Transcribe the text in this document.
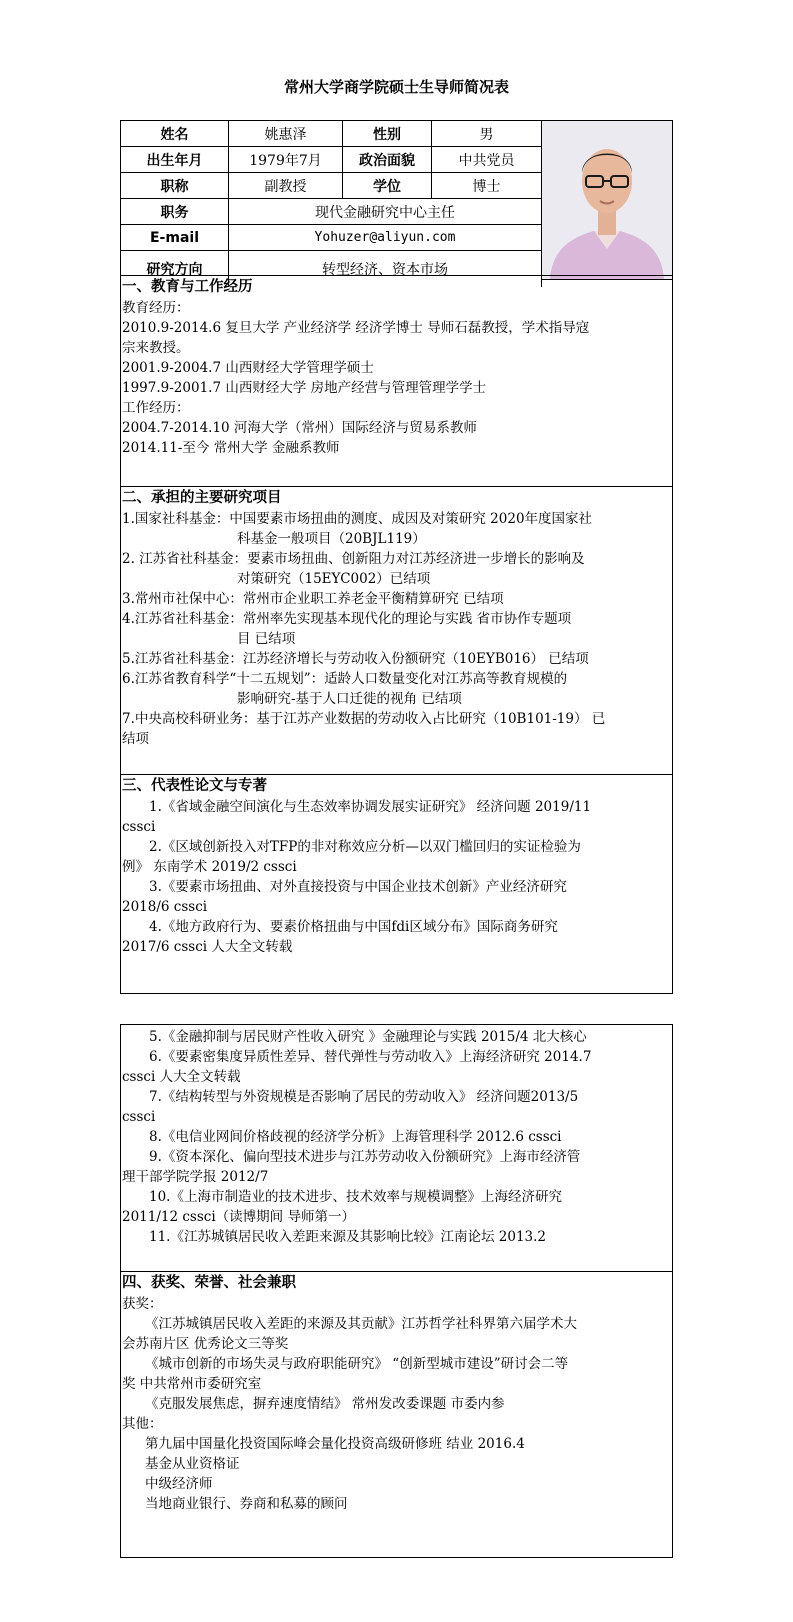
常州大学商学院硕士生导师简况表
姓名	姚惠泽	性别	男
出生年月	1979年7月	政治面貌	中共党员
职称	副教授	学位	博士
职务	现代金融研究中心主任
E-mail	Yohuzer@aliyun.com
研究方向	转型经济、资本市场
一、教育与工作经历
教育经历：
2010.9-2014.6 复旦大学 产业经济学 经济学博士 导师石磊教授，学术指导寇
宗来教授。
2001.9-2004.7 山西财经大学管理学硕士
1997.9-2001.7 山西财经大学 房地产经营与管理管理学学士
工作经历：
2004.7-2014.10 河海大学（常州）国际经济与贸易系教师
2014.11-至今 常州大学 金融系教师
二、承担的主要研究项目
1.国家社科基金：中国要素市场扭曲的测度、成因及对策研究 2020年度国家社
科基金一般项目（20BJL119）
2. 江苏省社科基金：要素市场扭曲、创新阻力对江苏经济进一步增长的影响及
对策研究（15EYC002）已结项
3.常州市社保中心：常州市企业职工养老金平衡精算研究 已结项
4.江苏省社科基金：常州率先实现基本现代化的理论与实践 省市协作专题项
目 已结项
5.江苏省社科基金：江苏经济增长与劳动收入份额研究（10EYB016） 已结项
6.江苏省教育科学“十二五规划”：适龄人口数量变化对江苏高等教育规模的
影响研究-基于人口迁徙的视角 已结项
7.中央高校科研业务：基于江苏产业数据的劳动收入占比研究（10B101-19） 已
结项
三、代表性论文与专著
1.《省域金融空间演化与生态效率协调发展实证研究》 经济问题 2019/11
cssci
2.《区域创新投入对TFP的非对称效应分析—以双门槛回归的实证检验为
例》 东南学术 2019/2 cssci
3.《要素市场扭曲、对外直接投资与中国企业技术创新》产业经济研究
2018/6 cssci
4.《地方政府行为、要素价格扭曲与中国fdi区域分布》国际商务研究
2017/6 cssci 人大全文转载
5.《金融抑制与居民财产性收入研究 》金融理论与实践 2015/4 北大核心
6.《要素密集度异质性差异、替代弹性与劳动收入》上海经济研究 2014.7
cssci 人大全文转载
7.《结构转型与外资规模是否影响了居民的劳动收入》 经济问题2013/5
cssci
8.《电信业网间价格歧视的经济学分析》上海管理科学 2012.6 cssci
9.《资本深化、偏向型技术进步与江苏劳动收入份额研究》上海市经济管
理干部学院学报 2012/7
10.《上海市制造业的技术进步、技术效率与规模调整》上海经济研究
2011/12 cssci（读博期间 导师第一）
11.《江苏城镇居民收入差距来源及其影响比较》江南论坛 2013.2
四、获奖、荣誉、社会兼职
获奖：
《江苏城镇居民收入差距的来源及其贡献》江苏哲学社科界第六届学术大
会苏南片区 优秀论文三等奖
《城市创新的市场失灵与政府职能研究》 “创新型城市建设”研讨会二等
奖 中共常州市委研究室
《克服发展焦虑，摒弃速度情结》 常州发改委课题 市委内参
其他：
第九届中国量化投资国际峰会量化投资高级研修班 结业 2016.4
基金从业资格证
中级经济师
当地商业银行、券商和私募的顾问
